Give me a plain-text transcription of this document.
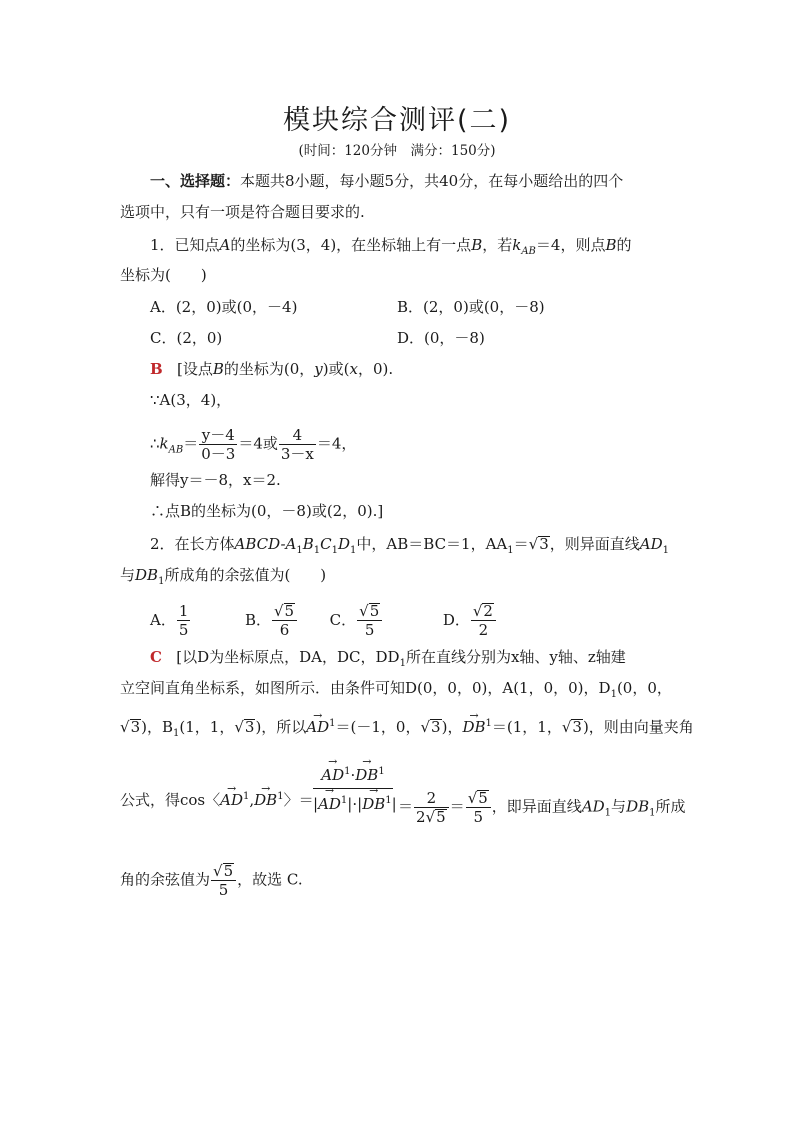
模块综合测评(二)
(时间：120分钟　满分：150分)
一、选择题：本题共8小题，每小题5分，共40分，在每小题给出的四个
选项中，只有一项是符合题目要求的.
1．已知点A的坐标为(3，4)，在坐标轴上有一点B，若$k_{AB}=4$，则点B的
坐标为(　　)
A．(2，0)或(0，－4)	B．(2，0)或(0，－8)
C．(2，0)	D．(0，－8)
B [设点B的坐标为(0，y)或(x，0).
∵A(3，4)，
$\therefore k_{AB}= \frac{y-4}{0-3} =4$或 $\frac{4}{3-x} =4$，
解得y＝－8，x＝2.
∴点B的坐标为(0，－8)或(2，0).]
2．在长方体ABCD-$A_1B_1C_1D_1$中，AB＝BC＝1，$AA_1=√3$，则异面直线$AD_1$
与$DB_1$所成角的余弦值为(　　)
A． $\frac{1}{5}$	B． $\frac{√5}{6}$ C． $\frac{√5}{5}$	D． $\frac{√2}{2}$
C [以D为坐标原点，DA，DC，$DD_1$所在直线分别为x轴、y轴、z轴建
立空间直角坐标系，如图所示．由条件可知D(0，0，0)，A(1，0，0)，$D_1(0$，0，
√3)，$B_1(1$，1，√3)，所以→ $AD^1=(-1$，0，√3)，→ $DB^1=(1$，1，√3)，则由向量夹角
公式，得cos〈→ $AD^1,\to DB^1$〉＝
→ $AD^1\cdot\to DB^1$
|→ $AD^1|\cdot|\to DB^1| = \frac{2}{2√5} = \frac{√5}{5}$ ，即异面直线$AD_1$与$DB_1$所成
角的余弦值为 $\frac{√5}{5}$ ，故选 C.
